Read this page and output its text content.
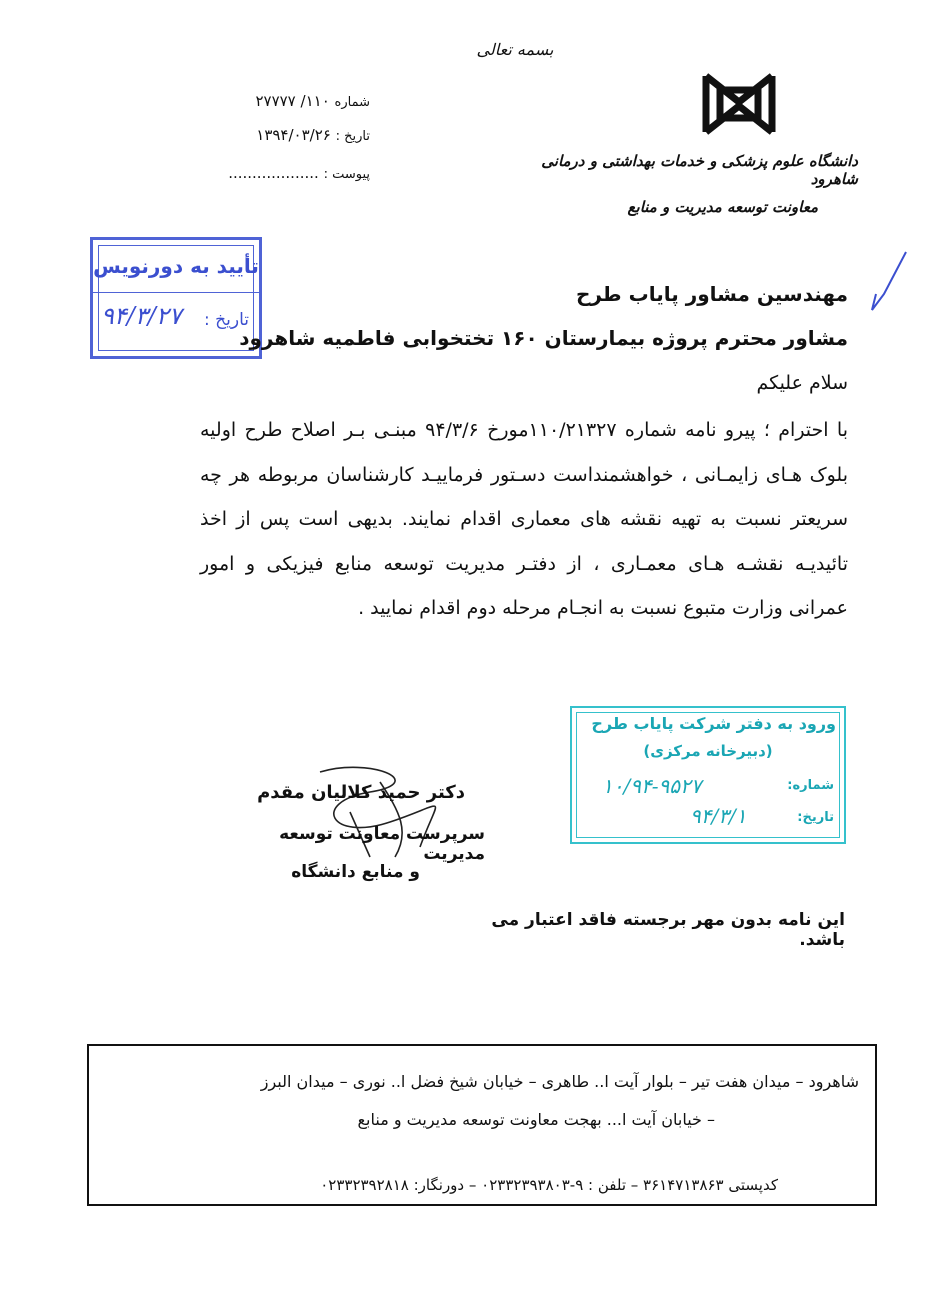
بسمه تعالی
دانشگاه علوم پزشکی و خدمات بهداشتی و درمانی شاهرود
معاونت توسعه مدیریت و منابع
شماره ۱۱۰/ ۲۷۷۷۷
تاریخ : ۱۳۹۴/۰۳/۲۶
پیوست : ...................
تأیید به دورنویس
تاریخ :
۹۴/۳/۲۷
مهندسین مشاور پایاب طرح
مشاور محترم پروژه بیمارستان ۱۶۰ تختخوابی فاطمیه شاهرود
سلام علیکم
با احترام ؛ پیرو نامه شماره ۱۱۰/۲۱۳۲۷مورخ ۹۴/۳/۶ مبنـی بـر اصلاح طرح اولیه بلوک هـای زایمـانی ، خواهشمنداست دسـتور فرماییـد کارشناسان مربوطه هر چه سریعتر نسبت به تهیه نقشه های معماری اقدام نمایند. بدیهی است پس از اخذ تائیدیـه نقشـه هـای معمـاری ، از دفتـر مدیریت توسعه منابع فیزیکی و امور عمرانی وزارت متبوع نسبت به انجـام مرحله دوم اقدام نمایید .
ورود به دفتر شرکت پایاب طرح
(دبیرخانه مرکزی)
شماره:
۱۰/۹۴-۹۵۲۷
تاریخ:
۹۴/۳/۱
دکتر حمید کلالیان مقدم
سرپرست معاونت توسعه مدیریت
و منابع دانشگاه
این نامه بدون مهر برجسته فاقد اعتبار می باشد.
شاهرود – میدان هفت تیر – بلوار آیت ا.. طاهری – خیابان شیخ فضل ا.. نوری – میدان البرز
– خیابان آیت ا... بهجت معاونت توسعه مدیریت و منابع
کدپستی ۳۶۱۴۷۱۳۸۶۳ – تلفن : ۹-۰۲۳۳۲۳۹۳۸۰۳ – دورنگار: ۰۲۳۳۲۳۹۲۸۱۸
